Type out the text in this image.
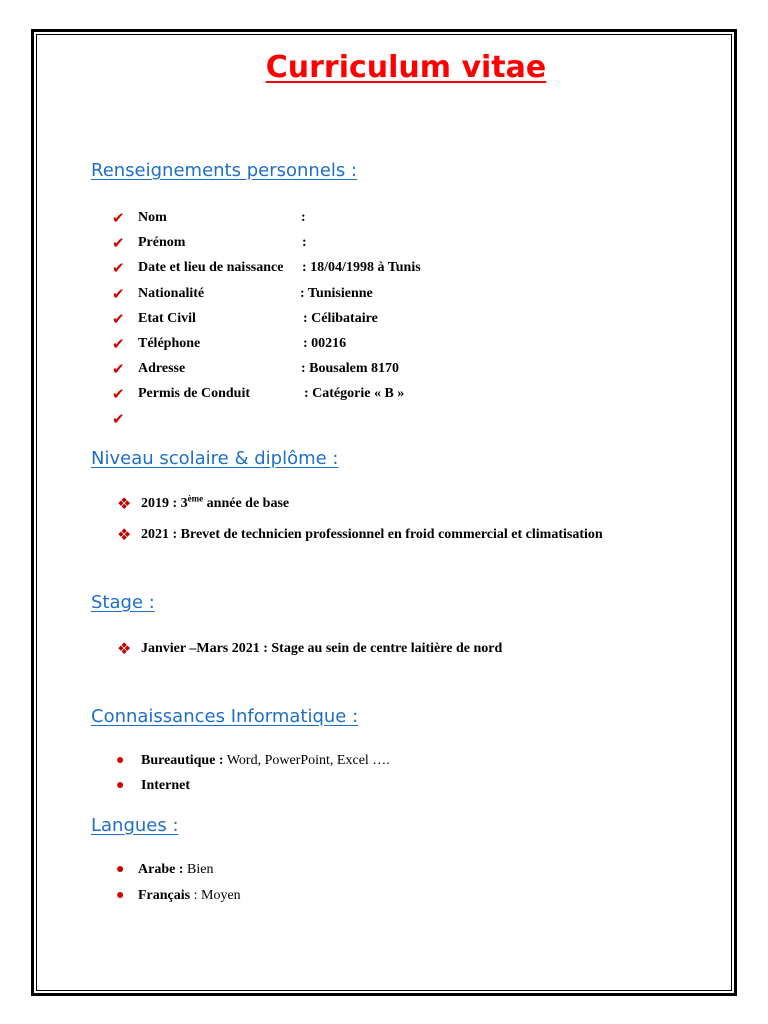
Curriculum vitae
Renseignements personnels :
✔ Nom	:
✔ Prénom	:
✔ Date et lieu de naissance : 18/04/1998 à Tunis
✔ Nationalité	: Tunisienne
✔ Etat Civil	: Célibataire
✔ Téléphone	: 00216
✔ Adresse	: Bousalem 8170
✔ Permis de Conduit	: Catégorie « B »
✔
Niveau scolaire & diplôme :
❖ 2019 : 3ème année de base
❖ 2021 : Brevet de technicien professionnel en froid commercial et climatisation
Stage :
❖ Janvier –Mars 2021 : Stage au sein de centre laitière de nord
Connaissances Informatique :
● Bureautique : Word, PowerPoint, Excel ….
● Internet
Langues :
● Arabe : Bien
● Français : Moyen
